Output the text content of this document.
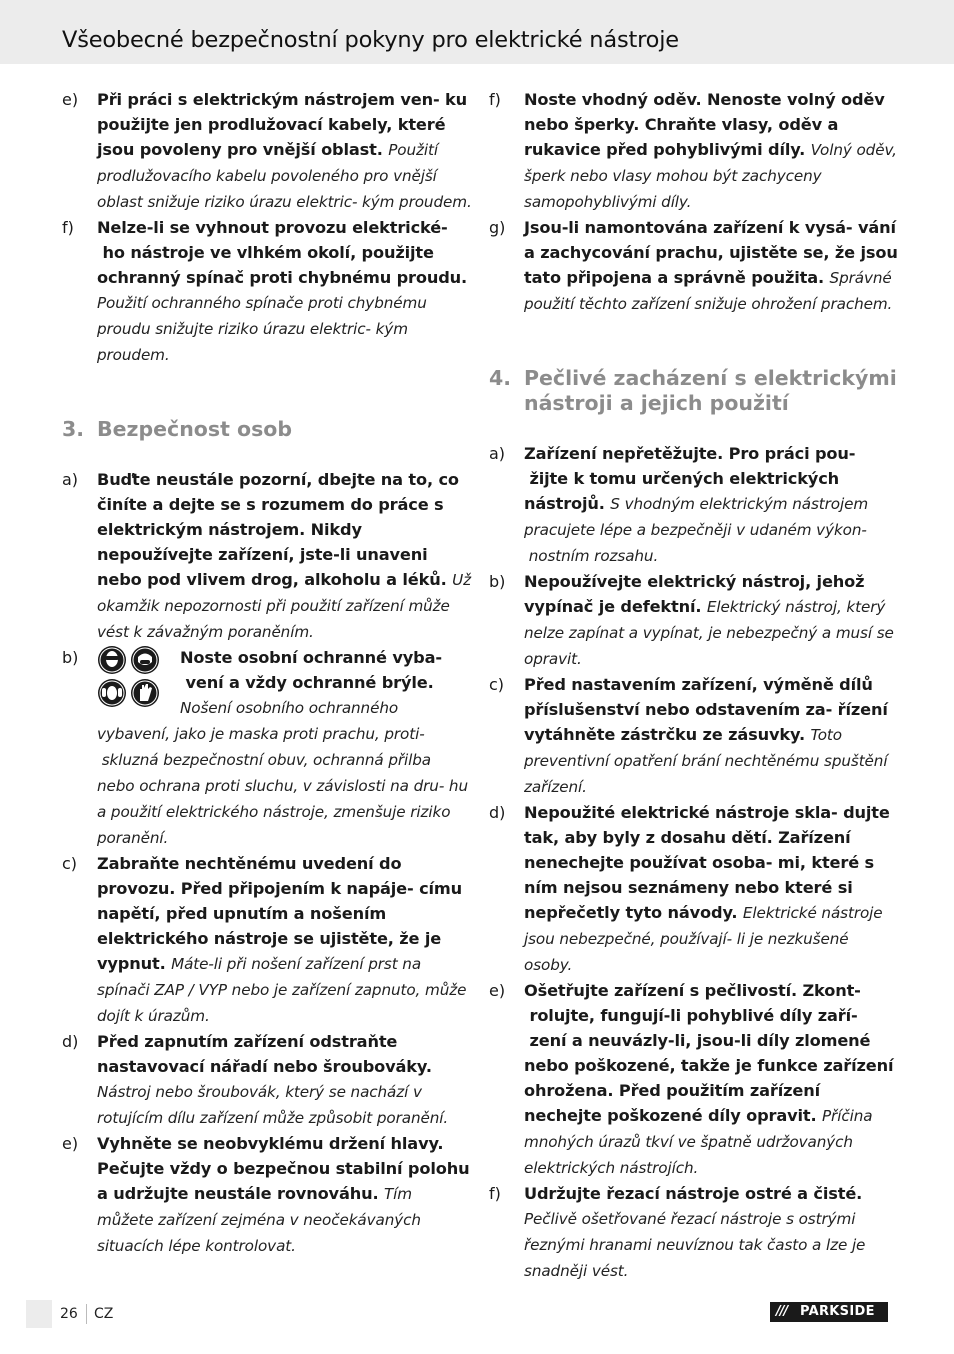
Všeobecné bezpečnostní pokyny pro elektrické nástroje
e) Při práci s elektrickým nástrojem ven- ku použijte jen prodlužovací kabely, které jsou povoleny pro vnější oblast. Použití prodlužovacího kabelu povoleného pro vnější oblast snižuje riziko úrazu elektric- kým proudem.
f) Nelze-li se vyhnout provozu elektrické- ho nástroje ve vlhkém okolí, použijte ochranný spínač proti chybnému proudu. Použití ochranného spínače proti chybnému proudu snižujte riziko úrazu elektric- kým proudem.
3. Bezpečnost osob
a) Buďte neustále pozorní, dbejte na to, co činíte a dejte se s rozumem do práce s elektrickým nástrojem. Nikdy nepoužívejte zařízení, jste-li unaveni nebo pod vlivem drog, alkoholu a léků. Už okamžik nepozornosti při použití zařízení může vést k závažným poraněním.
b)	Noste osobní ochranné vyba- vení a vždy ochranné brýle. Nošení osobního ochranného vybavení, jako je maska proti prachu, proti- skluzná bezpečnostní obuv, ochranná přilba nebo ochrana proti sluchu, v závislosti na dru- hu a použití elektrického nástroje, zmenšuje riziko poranění.
c) Zabraňte nechtěnému uvedení do provozu. Před připojením k napáje- címu napětí, před upnutím a nošením elektrického nástroje se ujistěte, že je vypnut. Máte-li při nošení zařízení prst na spínači ZAP / VYP nebo je zařízení zapnuto, může dojít k úrazům.
d) Před zapnutím zařízení odstraňte nastavovací nářadí nebo šroubováky. Nástroj nebo šroubovák, který se nachází v rotujícím dílu zařízení může způsobit poranění.
e) Vyhněte se neobvyklému držení hlavy. Pečujte vždy o bezpečnou stabilní polohu a udržujte neustále rovnováhu. Tím můžete zařízení zejména v neočekávaných situacích lépe kontrolovat.
f) Noste vhodný oděv. Nenoste volný oděv nebo šperky. Chraňte vlasy, oděv a rukavice před pohyblivými díly. Volný oděv, šperk nebo vlasy mohou být zachyceny samopohyblivými díly.
g) Jsou-li namontována zařízení k vysá- vání a zachycování prachu, ujistěte se, že jsou tato připojena a správně použita. Správné použití těchto zařízení snižuje ohrožení prachem.
4. Pečlivé zacházení s elektrickými nástroji a jejich použití
a) Zařízení nepřetěžujte. Pro práci pou- žijte k tomu určených elektrických nástrojů. S vhodným elektrickým nástrojem pracujete lépe a bezpečněji v udaném výkon- nostním rozsahu.
b) Nepoužívejte elektrický nástroj, jehož vypínač je defektní. Elektrický nástroj, který nelze zapínat a vypínat, je nebezpečný a musí se opravit.
c) Před nastavením zařízení, výměně dílů příslušenství nebo odstavením za- řízení vytáhněte zástrčku ze zásuvky. Toto preventivní opatření brání nechtěnému spuštění zařízení.
d) Nepoužité elektrické nástroje skla- dujte tak, aby byly z dosahu dětí. Zařízení nenechejte používat osoba- mi, které s ním nejsou seznámeny nebo které si nepřečetly tyto návody. Elektrické nástroje jsou nebezpečné, používají- li je nezkušené osoby.
e) Ošetřujte zařízení s pečlivostí. Zkont- rolujte, fungují-li pohyblivé díly zaří- zení a neuvázly-li, jsou-li díly zlomené nebo poškozené, takže je funkce zařízení ohrožena. Před použitím zařízení nechejte poškozené díly opravit. Příčina mnohých úrazů tkví ve špatně udržovaných elektrických nástrojích.
f) Udržujte řezací nástroje ostré a čisté. Pečlivě ošetřované řezací nástroje s ostrými řeznými hranami neuvíznou tak často a lze je snadněji vést.
26 CZ	/// PARKSIDE
